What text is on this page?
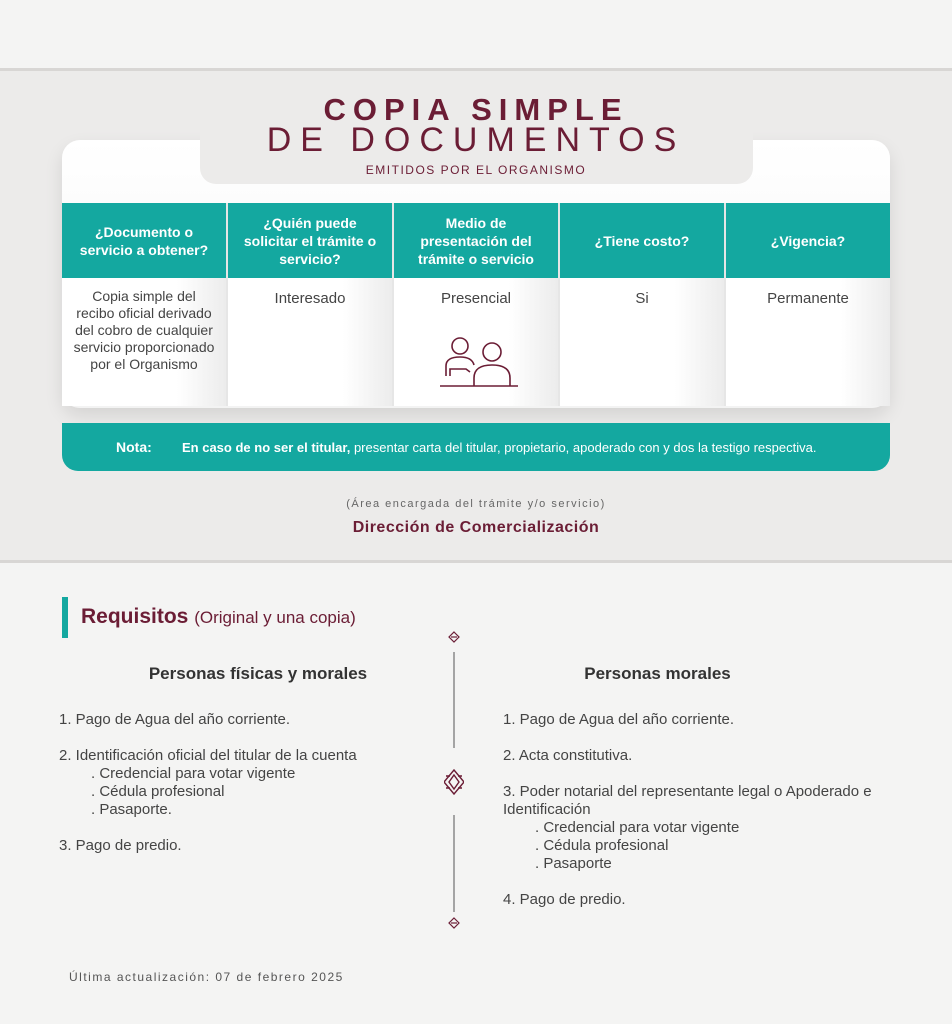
COPIA SIMPLE
DE DOCUMENTOS
EMITIDOS POR EL ORGANISMO
¿Documento o servicio a obtener?
Copia simple del recibo oficial derivado del cobro de cualquier servicio proporcionado por el Organismo
¿Quién puede solicitar el trámite o servicio?
Interesado
Medio de presentación del trámite o servicio
Presencial
¿Tiene costo?
Si
¿Vigencia?
Permanente
Nota:	En caso de no ser el titular, presentar carta del titular, propietario, apoderado con y dos la testigo respectiva.
(Área encargada del trámite y/o servicio)
Dirección de Comercialización
Requisitos (Original y una copia)
Personas físicas y morales	Personas morales
1. Pago de Agua del año corriente.
2. Identificación oficial del titular de la cuenta
. Credencial para votar vigente
. Cédula profesional
. Pasaporte.
3. Pago de predio.
1. Pago de Agua del año corriente.
2. Acta constitutiva.
3. Poder notarial del representante legal o Apoderado e Identificación
. Credencial para votar vigente
. Cédula profesional
. Pasaporte
4. Pago de predio.
Última actualización: 07 de febrero 2025
